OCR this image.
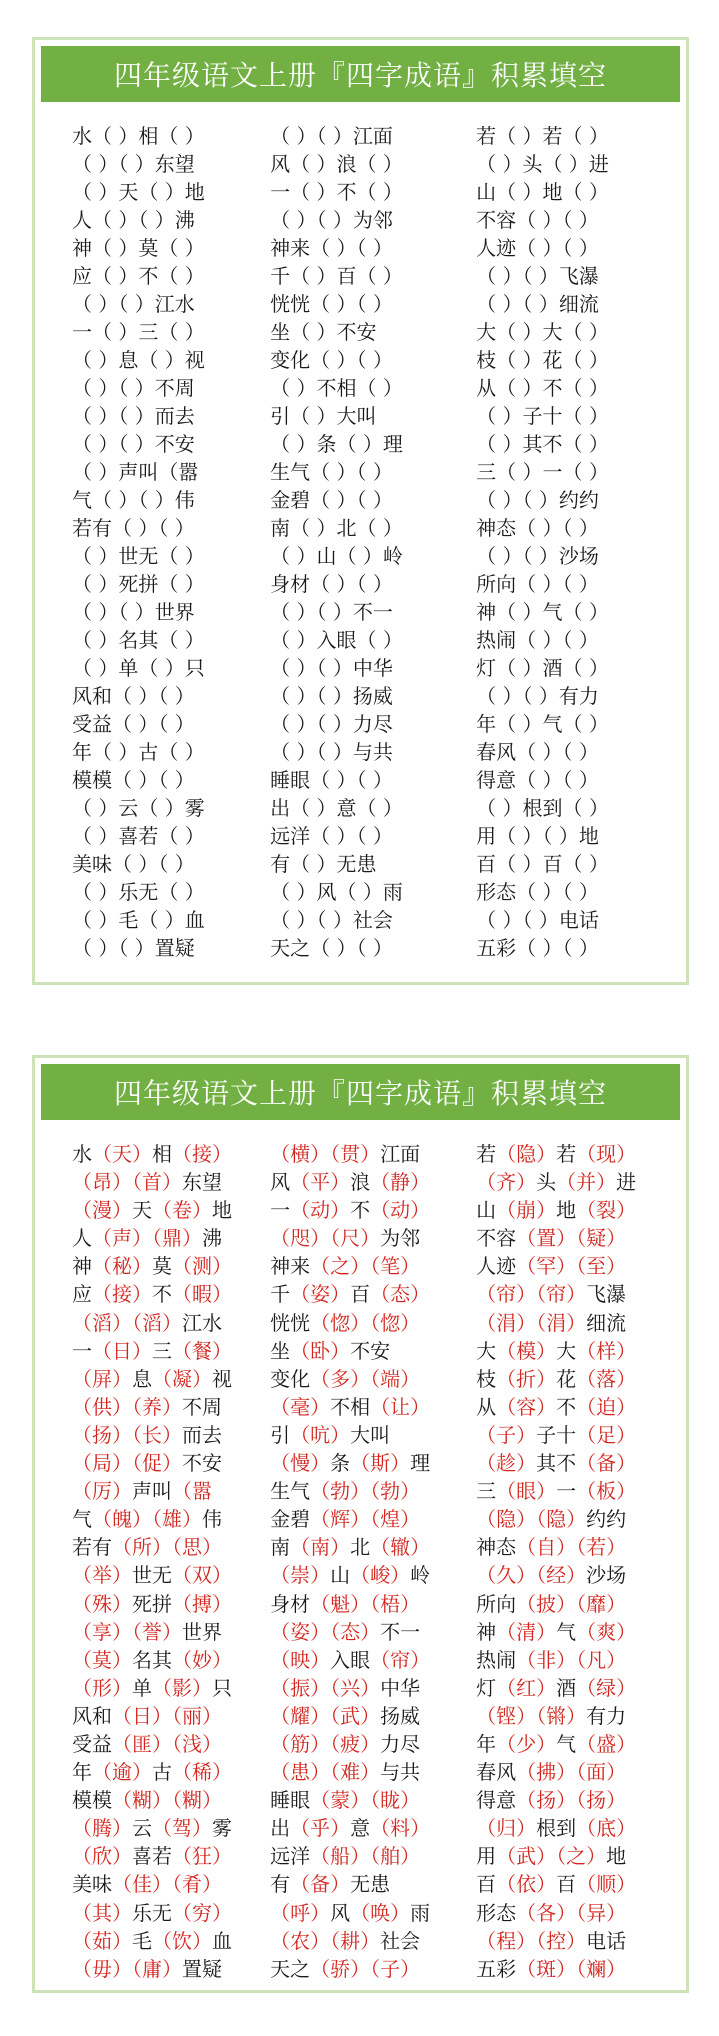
四年级语文上册『四字成语』积累填空
水（ ）相（ ）
（ ）（ ）东望
（ ）天（ ）地
人（ ）（ ）沸
神（ ）莫（ ）
应（ ）不（ ）
（ ）（ ）江水
一（ ）三（ ）
（ ）息（ ）视
（ ）（ ）不周
（ ）（ ）而去
（ ）（ ）不安
（ ）声叫（嚣
气（ ）（ ）伟
若有（ ）（ ）
（ ）世无（ ）
（ ）死拼（ ）
（ ）（ ）世界
（ ）名其（ ）
（ ）单（ ）只
风和（ ）（ ）
受益（ ）（ ）
年（ ）古（ ）
模模（ ）（ ）
（ ）云（ ）雾
（ ）喜若（ ）
美味（ ）（ ）
（ ）乐无（ ）
（ ）毛（ ）血
（ ）（ ）置疑
（ ）（ ）江面
风（ ）浪（ ）
一（ ）不（ ）
（ ）（ ）为邻
神来（ ）（ ）
千（ ）百（ ）
恍恍（ ）（ ）
坐（ ）不安
变化（ ）（ ）
（ ）不相（ ）
引（ ）大叫
（ ）条（ ）理
生气（ ）（ ）
金碧（ ）（ ）
南（ ）北（ ）
（ ）山（ ）岭
身材（ ）（ ）
（ ）（ ）不一
（ ）入眼（ ）
（ ）（ ）中华
（ ）（ ）扬威
（ ）（ ）力尽
（ ）（ ）与共
睡眼（ ）（ ）
出（ ）意（ ）
远洋（ ）（ ）
有（ ）无患
（ ）风（ ）雨
（ ）（ ）社会
天之（ ）（ ）
若（ ）若（ ）
（ ）头（ ）进
山（ ）地（ ）
不容（ ）（ ）
人迹（ ）（ ）
（ ）（ ）飞瀑
（ ）（ ）细流
大（ ）大（ ）
枝（ ）花（ ）
从（ ）不（ ）
（ ）子十（ ）
（ ）其不（ ）
三（ ）一（ ）
（ ）（ ）约约
神态（ ）（ ）
（ ）（ ）沙场
所向（ ）（ ）
神（ ）气（ ）
热闹（ ）（ ）
灯（ ）酒（ ）
（ ）（ ）有力
年（ ）气（ ）
春风（ ）（ ）
得意（ ）（ ）
（ ）根到（ ）
用（ ）（ ）地
百（ ）百（ ）
形态（ ）（ ）
（ ）（ ）电话
五彩（ ）（ ）
四年级语文上册『四字成语』积累填空
水（天）相（接）
（昂）（首）东望
（漫）天（卷）地
人（声）（鼎）沸
神（秘）莫（测）
应（接）不（暇）
（滔）（滔）江水
一（日）三（餐）
（屏）息（凝）视
（供）（养）不周
（扬）（长）而去
（局）（促）不安
（厉）声叫（嚣
气（魄）（雄）伟
若有（所）（思）
（举）世无（双）
（殊）死拼（搏）
（享）（誉）世界
（莫）名其（妙）
（形）单（影）只
风和（日）（丽）
受益（匪）（浅）
年（逾）古（稀）
模模（糊）（糊）
（腾）云（驾）雾
（欣）喜若（狂）
美味（佳）（肴）
（其）乐无（穷）
（茹）毛（饮）血
（毋）（庸）置疑
（横）（贯）江面
风（平）浪（静）
一（动）不（动）
（咫）（尺）为邻
神来（之）（笔）
千（姿）百（态）
恍恍（惚）（惚）
坐（卧）不安
变化（多）（端）
（毫）不相（让）
引（吭）大叫
（慢）条（斯）理
生气（勃）（勃）
金碧（辉）（煌）
南（南）北（辙）
（崇）山（峻）岭
身材（魁）（梧）
（姿）（态）不一
（映）入眼（帘）
（振）（兴）中华
（耀）（武）扬威
（筋）（疲）力尽
（患）（难）与共
睡眼（蒙）（眬）
出（乎）意（料）
远洋（船）（舶）
有（备）无患
（呼）风（唤）雨
（农）（耕）社会
天之（骄）（子）
若（隐）若（现）
（齐）头（并）进
山（崩）地（裂）
不容（置）（疑）
人迹（罕）（至）
（帘）（帘）飞瀑
（涓）（涓）细流
大（模）大（样）
枝（折）花（落）
从（容）不（迫）
（子）子十（足）
（趁）其不（备）
三（眼）一（板）
（隐）（隐）约约
神态（自）（若）
（久）（经）沙场
所向（披）（靡）
神（清）气（爽）
热闹（非）（凡）
灯（红）酒（绿）
（铿）（锵）有力
年（少）气（盛）
春风（拂）（面）
得意（扬）（扬）
（归）根到（底）
用（武）（之）地
百（依）百（顺）
形态（各）（异）
（程）（控）电话
五彩（斑）（斓）
